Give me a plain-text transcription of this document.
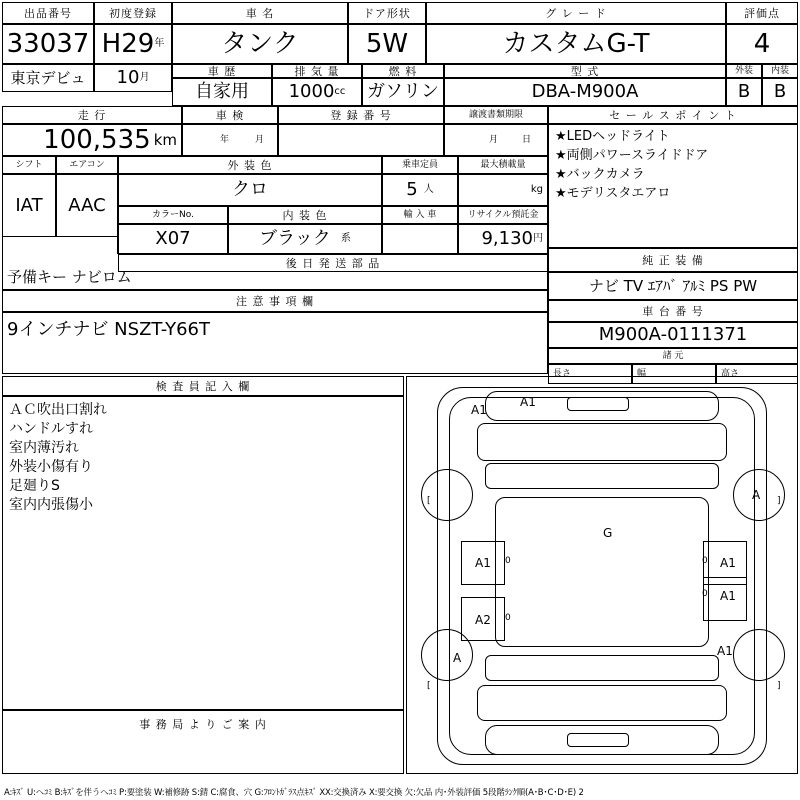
出品番号
33037
東京デビュ
初度登録
H 29 年
10 月
車 名
タンク
ドア形状
5W
グ レ ー ド
カスタムG-T
評価点
4
車 歴
自家用
排 気 量
1000 cc
燃 料
ガソリン
型 式
DBA-M900A
外装	内装
B	B
走 行
100,535 km
車 検
年	月
登 録 番 号	譲渡書類期限
月	日
セ ー ル ス ポ イ ン ト
★LEDヘッドライト
★両側パワースライドドア
★バックカメラ
★モデリスタエアロ
シフト	エアコン
IAT	AAC
外 装 色
クロ
乗車定員
5 人
最大積載量
kg
カラーNo.
X07
内 装 色
ブラック 系
輸 入 車	リサイクル預託金
9,130 円
後 日 発 送 部 品
予備キー ナビロム
純 正 装 備
ナビ TV ｴｱﾊﾞ ｱﾙﾐ PS PW
注 意 事 項 欄
9インチナビ NSZT-Y66T
車 台 番 号
M900A-0111371
諸 元
長さ	幅	高さ
検 査 員 記 入 欄
ＡＣ吹出口割れ
ハンドルすれ
室内薄汚れ
外装小傷有り
足廻りS
室内内張傷小
事 務 局 よ り ご 案 内
A1
A1
A
G
A1	A1
A1
A2
A	A1
[	]
[	]
0	0
0
0
A:ｷｽﾞ U:ヘｺﾐ B:ｷｽﾞを伴うヘｺﾐ P:要塗装 W:補修跡 S:錆 C:腐食、穴 G:ﾌﾛﾝﾄｶﾞﾗｽ点ｷｽﾞ XX:交換済み X:要交換 欠:欠品 内･外装評価 5段階ﾗﾝｸ順(A･B･C･D･E) 2
